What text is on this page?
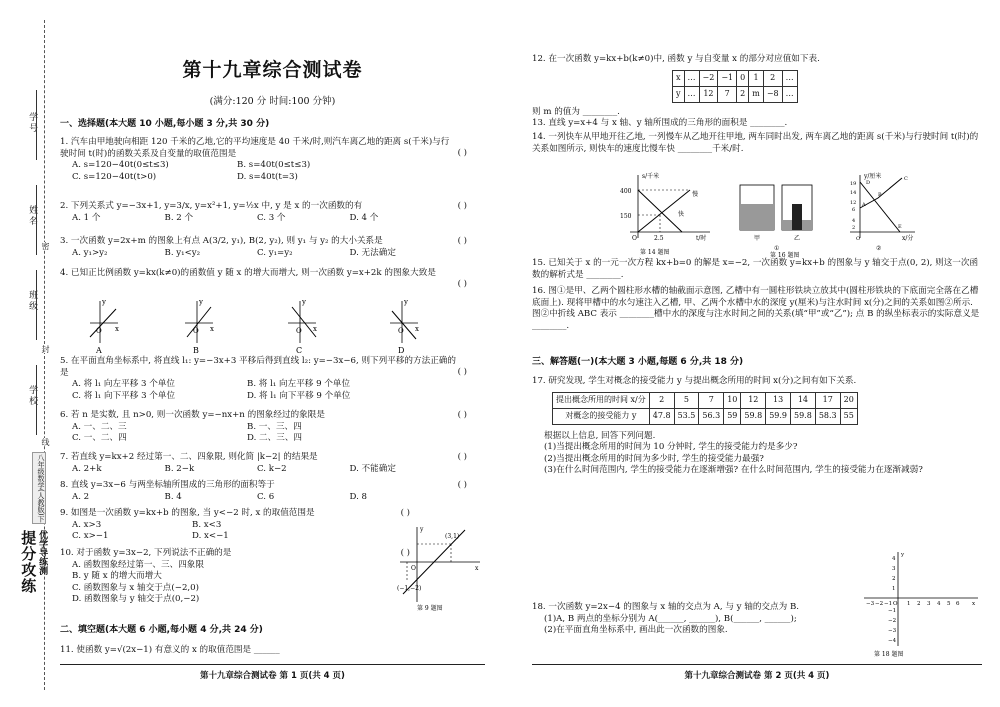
学号
姓名
密
班级
封
学校
线
八年级数学(人教版)下
提分攻练 优学导练测
第十九章综合测试卷
(满分:120 分 时间:100 分钟)
一、选择题(本大题 10 小题,每小题 3 分,共 30 分)
1. 汽车由甲地驶向相距 120 千米的乙地,它的平均速度是 40 千米/时,则汽车离乙地的距离 s(千米)与行驶时间 t(时)的函数关系及自变量的取值范围是	( )
A. s=120−40t(0≤t≤3)	B. s=40t(0≤t≤3)
C. s=120−40t(t>0)	D. s=40t(t=3)
2. 下列关系式 y=−3x+1, y=3/x, y=x²+1, y=½x 中, y 是 x 的一次函数的有	( )
A. 1 个	B. 2 个	C. 3 个	D. 4 个
3. 一次函数 y=2x+m 的图象上有点 A(3/2, y₁), B(2, y₂), 则 y₁ 与 y₂ 的大小关系是	( )
A. y₁>y₂	B. y₁<y₂	C. y₁=y₂	D. 无法确定
4. 已知正比例函数 y=kx(k≠0)的函数值 y 随 x 的增大而增大, 则一次函数 y=x+2k 的图象大致是
( )
O x
y
A
O x
y
B
O x
y
C
O x
y
D
5. 在平面直角坐标系中, 将直线 l₁: y=−3x+3 平移后得到直线 l₂: y=−3x−6, 则下列平移的方法正确的是	( )
A. 将 l₁ 向左平移 3 个单位	B. 将 l₁ 向左平移 9 个单位
C. 将 l₁ 向下平移 3 个单位	D. 将 l₁ 向下平移 9 个单位
6. 若 n 是实数, 且 n>0, 则一次函数 y=−nx+n 的图象经过的象限是	( )
A. 一、二、三	B. 一、三、四
C. 一、二、四	D. 二、三、四
7. 若直线 y=kx+2 经过第一、二、四象限, 则化简 |k−2| 的结果是	( )
A. 2+k	B. 2−k	C. k−2	D. 不能确定
8. 直线 y=3x−6 与两坐标轴所围成的三角形的面积等于	( )
A. 2	B. 4	C. 6	D. 8
9. 如图是一次函数 y=kx+b 的图象, 当 y<−2 时, x 的取值范围是	( )
A. x>3	B. x<3
C. x>−1	D. x<−1
10. 对于函数 y=3x−2, 下列说法不正确的是	( )
A. 函数图象经过第一、三、四象限
B. y 随 x 的增大而增大
C. 函数图象与 x 轴交于点(−2,0)
D. 函数图象与 y 轴交于点(0,−2)
(3,1)
(−1,−2)
O	x
y
第 9 题图
二、填空题(本大题 6 小题,每小题 4 分,共 24 分)
11. 使函数 y=√(2x−1) 有意义的 x 的取值范围是 ______
第十九章综合测试卷 第 1 页(共 4 页)
12. 在一次函数 y=kx+b(k≠0)中, 函数 y 与自变量 x 的部分对应值如下表.
x	…	−2	−1	0	1	2	…
y	…	12	7	2	m	−8	…
则 m 的值为 ________.
13. 直线 y=x+4 与 x 轴、y 轴所围成的三角形的面积是 ________.
14. 一列快车从甲地开往乙地, 一列慢车从乙地开往甲地, 两车同时出发, 两车离乙地的距离 s(千米)与行驶时间 t(时)的关系如图所示, 则快车的速度比慢车快 ________千米/时.
s/千米
400
150
2.5	t/时
慢
快
O
第 14 题图
甲	乙
①
第 16 题图
y/厘米
x/分
19
14
12
6
4
2
C
B
A
E
D
O
②
15. 已知关于 x 的一元一次方程 kx+b=0 的解是 x=−2, 一次函数 y=kx+b 的图象与 y 轴交于点(0, 2), 则这一次函数的解析式是 ________.
16. 图①是甲、乙两个圆柱形水槽的轴截面示意图, 乙槽中有一圆柱形铁块立放其中(圆柱形铁块的下底面完全落在乙槽底面上). 现将甲槽中的水匀速注入乙槽, 甲、乙两个水槽中水的深度 y(厘米)与注水时间 x(分)之间的关系如图②所示. 图②中折线 ABC 表示 ________槽中水的深度与注水时间之间的关系(填“甲”或“乙”); 点 B 的纵坐标表示的实际意义是 ________.
三、解答题(一)(本大题 3 小题,每题 6 分,共 18 分)
17. 研究发现, 学生对概念的接受能力 y 与提出概念所用的时间 x(分)之间有如下关系.
提出概念所用的时间 x/分	2	5	7	10	12	13	14	17	20
对概念的接受能力 y	47.8	53.5	56.3	59	59.8	59.9	59.8	58.3	55
根据以上信息, 回答下列问题.
(1)当提出概念所用的时间为 10 分钟时, 学生的接受能力约是多少?
(2)当提出概念所用的时间为多少时, 学生的接受能力最强?
(3)在什么时间范围内, 学生的接受能力在逐渐增强? 在什么时间范围内, 学生的接受能力在逐渐减弱?
18. 一次函数 y=2x−4 的图象与 x 轴的交点为 A, 与 y 轴的交点为 B.
(1)A, B 两点的坐标分别为 A(______, ______), B(______, ______);
(2)在平面直角坐标系中, 画出此一次函数的图象.
−3 −2 −1 O 1 2 3 4 5 6 x
4
3
2
1
−1
−2
−3
−4
y
第 18 题图
第十九章综合测试卷 第 2 页(共 4 页)
